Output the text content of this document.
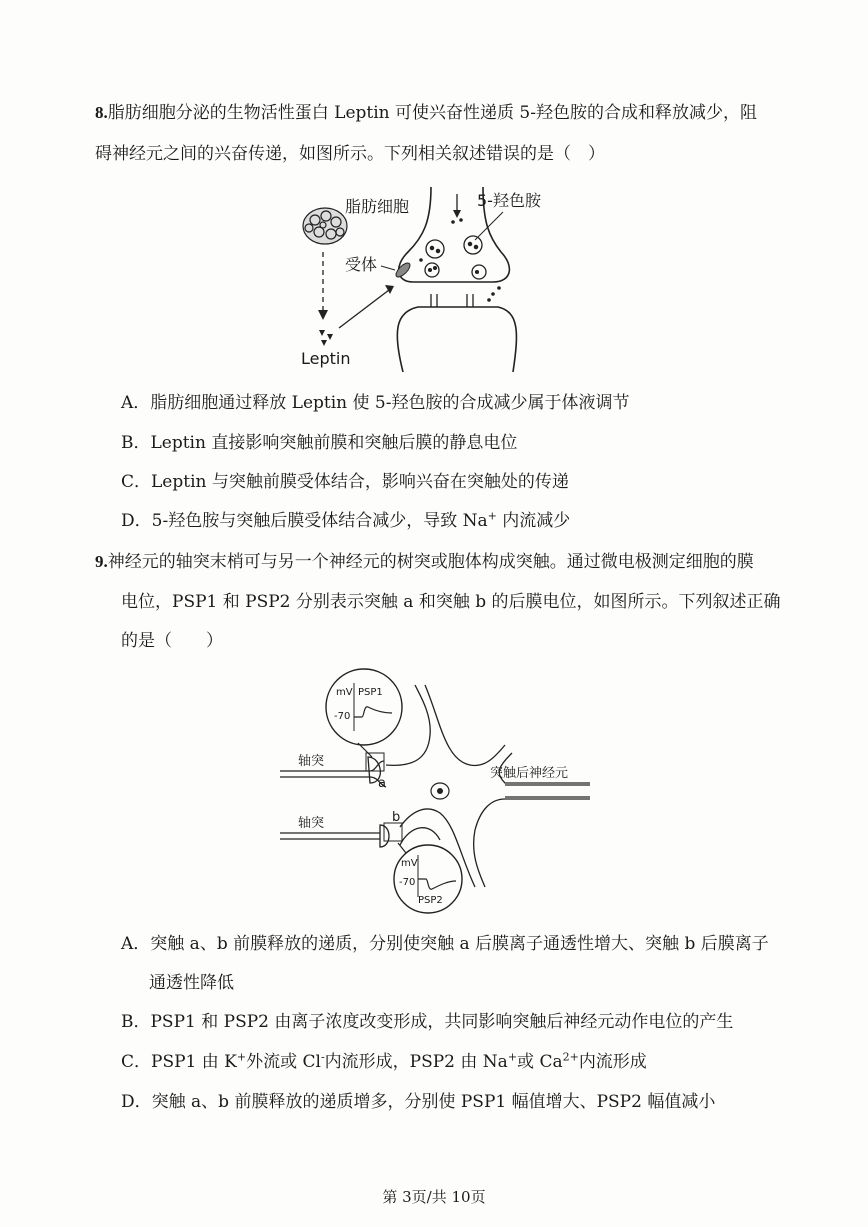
8.脂肪细胞分泌的生物活性蛋白 Leptin 可使兴奋性递质 5-羟色胺的合成和释放减少，阻
碍神经元之间的兴奋传递，如图所示。下列相关叙述错误的是（　）
脂肪细胞
Leptin
受体
5-羟色胺
A．脂肪细胞通过释放 Leptin 使 5-羟色胺的合成减少属于体液调节
B．Leptin 直接影响突触前膜和突触后膜的静息电位
C．Leptin 与突触前膜受体结合，影响兴奋在突触处的传递
D．5-羟色胺与突触后膜受体结合减少，导致 Na+ 内流减少
9.神经元的轴突末梢可与另一个神经元的树突或胞体构成突触。通过微电极测定细胞的膜
电位，PSP1 和 PSP2 分别表示突触 a 和突触 b 的后膜电位，如图所示。下列叙述正确
的是（　　）
轴突
a
轴突	b
突触后神经元
mV PSP1
-70
mV
-70
PSP2
A．突触 a、b 前膜释放的递质，分别使突触 a 后膜离子通透性增大、突触 b 后膜离子
通透性降低
B．PSP1 和 PSP2 由离子浓度改变形成，共同影响突触后神经元动作电位的产生
C．PSP1 由 K+外流或 Cl-内流形成，PSP2 由 Na+或 $Ca^{2+}$内流形成
D．突触 a、b 前膜释放的递质增多，分别使 PSP1 幅值增大、PSP2 幅值减小
第 3页/共 10页
